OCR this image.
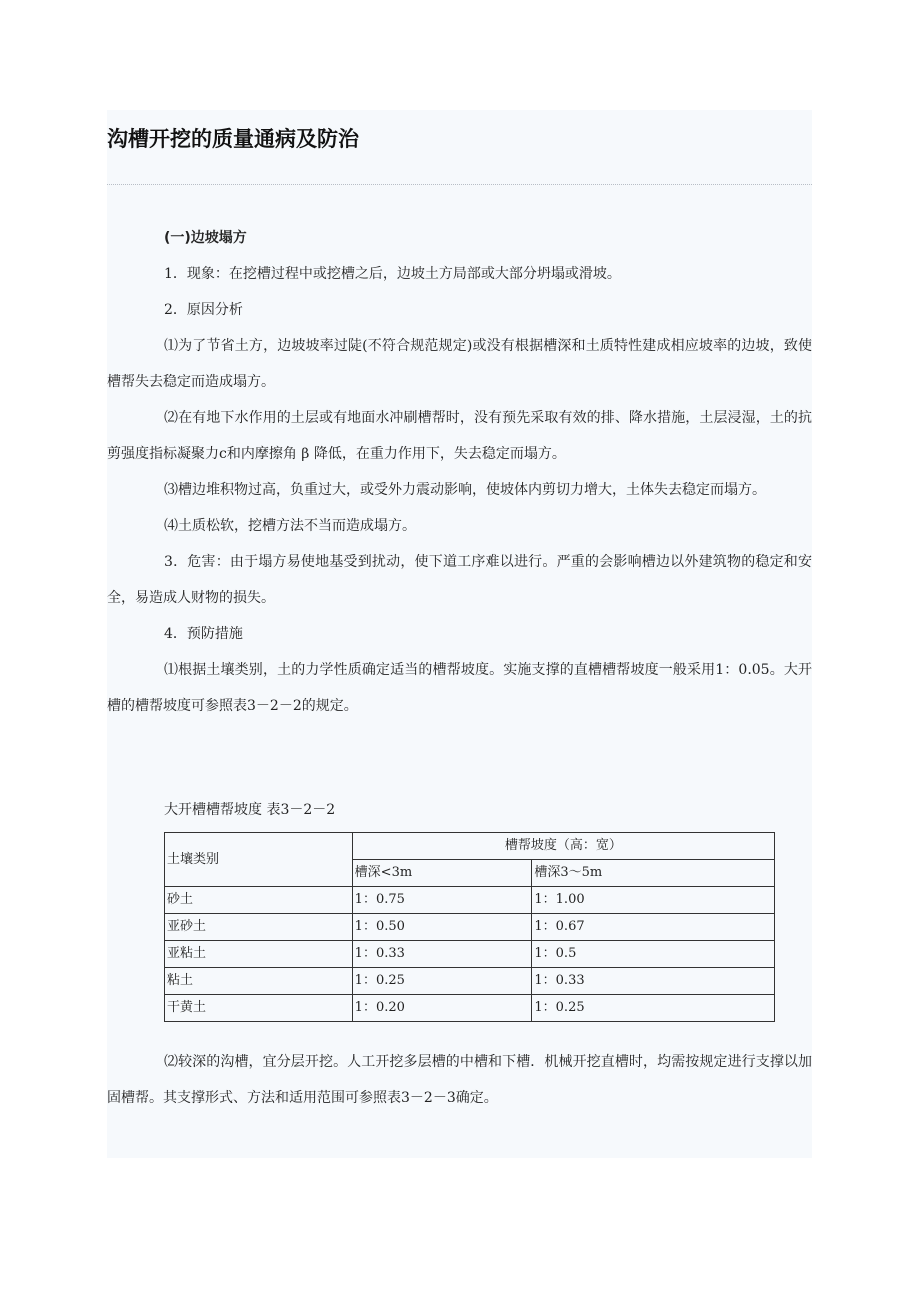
沟槽开挖的质量通病及防治

(一)边坡塌方

1．现象：在挖槽过程中或挖槽之后，边坡土方局部或大部分坍塌或滑坡。

2．原因分析

⑴为了节省土方，边坡坡率过陡(不符合规范规定)或没有根据槽深和土质特性建成相应坡率的边坡，致使槽帮失去稳定而造成塌方。

⑵在有地下水作用的土层或有地面水冲刷槽帮时，没有预先采取有效的排、降水措施，土层浸湿，土的抗剪强度指标凝聚力c和内摩擦角 β 降低，在重力作用下，失去稳定而塌方。

⑶槽边堆积物过高，负重过大，或受外力震动影响，使坡体内剪切力增大，土体失去稳定而塌方。

⑷土质松软，挖槽方法不当而造成塌方。

3．危害：由于塌方易使地基受到扰动，使下道工序难以进行。严重的会影响槽边以外建筑物的稳定和安全，易造成人财物的损失。

4．预防措施

⑴根据土壤类别，土的力学性质确定适当的槽帮坡度。实施支撑的直槽槽帮坡度一般采用1：0.05。大开槽的槽帮坡度可参照表3－2－2的规定。

大开槽槽帮坡度 表3－2－2
土壤类别	槽帮坡度（高：宽）	
	槽深<3m	槽深3～5m
砂土	1：0.75	1：1.00
亚砂土	1：0.50	1：0.67
亚粘土	1：0.33	1：0.5
粘土	1：0.25	1：0.33
干黄土	1：0.20	1：0.25

⑵较深的沟槽，宜分层开挖。人工开挖多层槽的中槽和下槽．机械开挖直槽时，均需按规定进行支撑以加固槽帮。其支撑形式、方法和适用范围可参照表3－2－3确定。
